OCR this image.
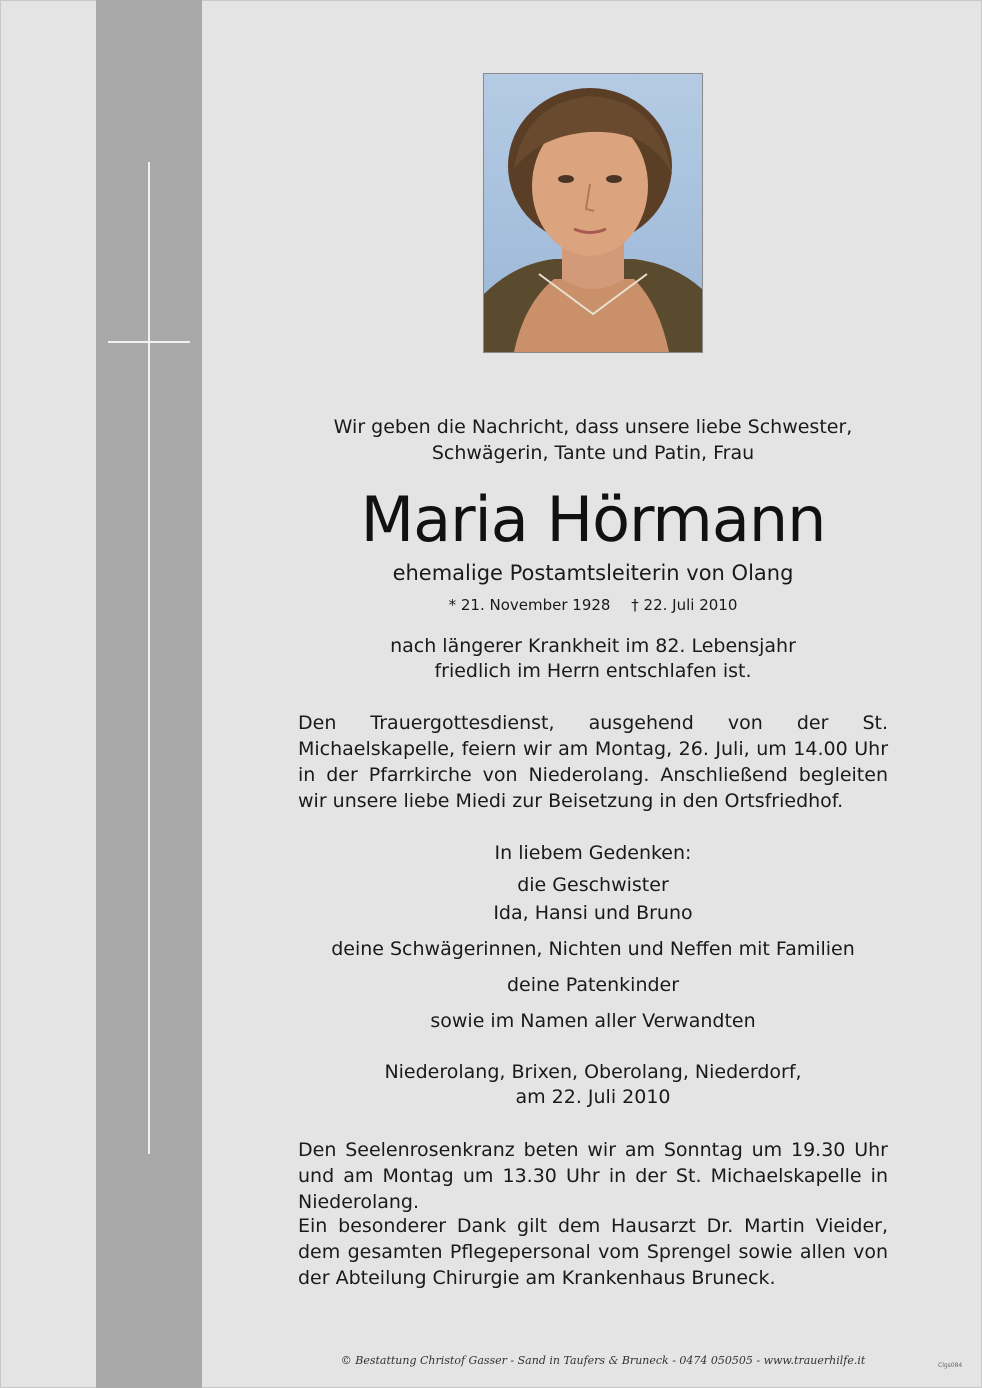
Wir geben die Nachricht, dass unsere liebe Schwester,
Schwägerin, Tante und Patin, Frau
Maria Hörmann
ehemalige Postamtsleiterin von Olang
* 21. November 1928 † 22. Juli 2010
nach längerer Krankheit im 82. Lebensjahr
friedlich im Herrn entschlafen ist.
Den Trauergottesdienst, ausgehend von der St. Michaelskapelle, feiern wir am Montag, 26. Juli, um 14.00 Uhr in der Pfarrkirche von Niederolang. Anschließend begleiten wir unsere liebe Miedi zur Beisetzung in den Ortsfriedhof.
In liebem Gedenken:
die Geschwister
Ida, Hansi und Bruno
deine Schwägerinnen, Nichten und Neffen mit Familien
deine Patenkinder
sowie im Namen aller Verwandten
Niederolang, Brixen, Oberolang, Niederdorf,
am 22. Juli 2010
Den Seelenrosenkranz beten wir am Sonntag um 19.30 Uhr und am Montag um 13.30 Uhr in der St. Michaelskapelle in Niederolang.
Ein besonderer Dank gilt dem Hausarzt Dr. Martin Vieider, dem gesamten Pflegepersonal vom Sprengel sowie allen von der Abteilung Chirurgie am Krankenhaus Bruneck.
© Bestattung Christof Gasser - Sand in Taufers & Bruneck - 0474 050505 - www.trauerhilfe.it	Clgs084
